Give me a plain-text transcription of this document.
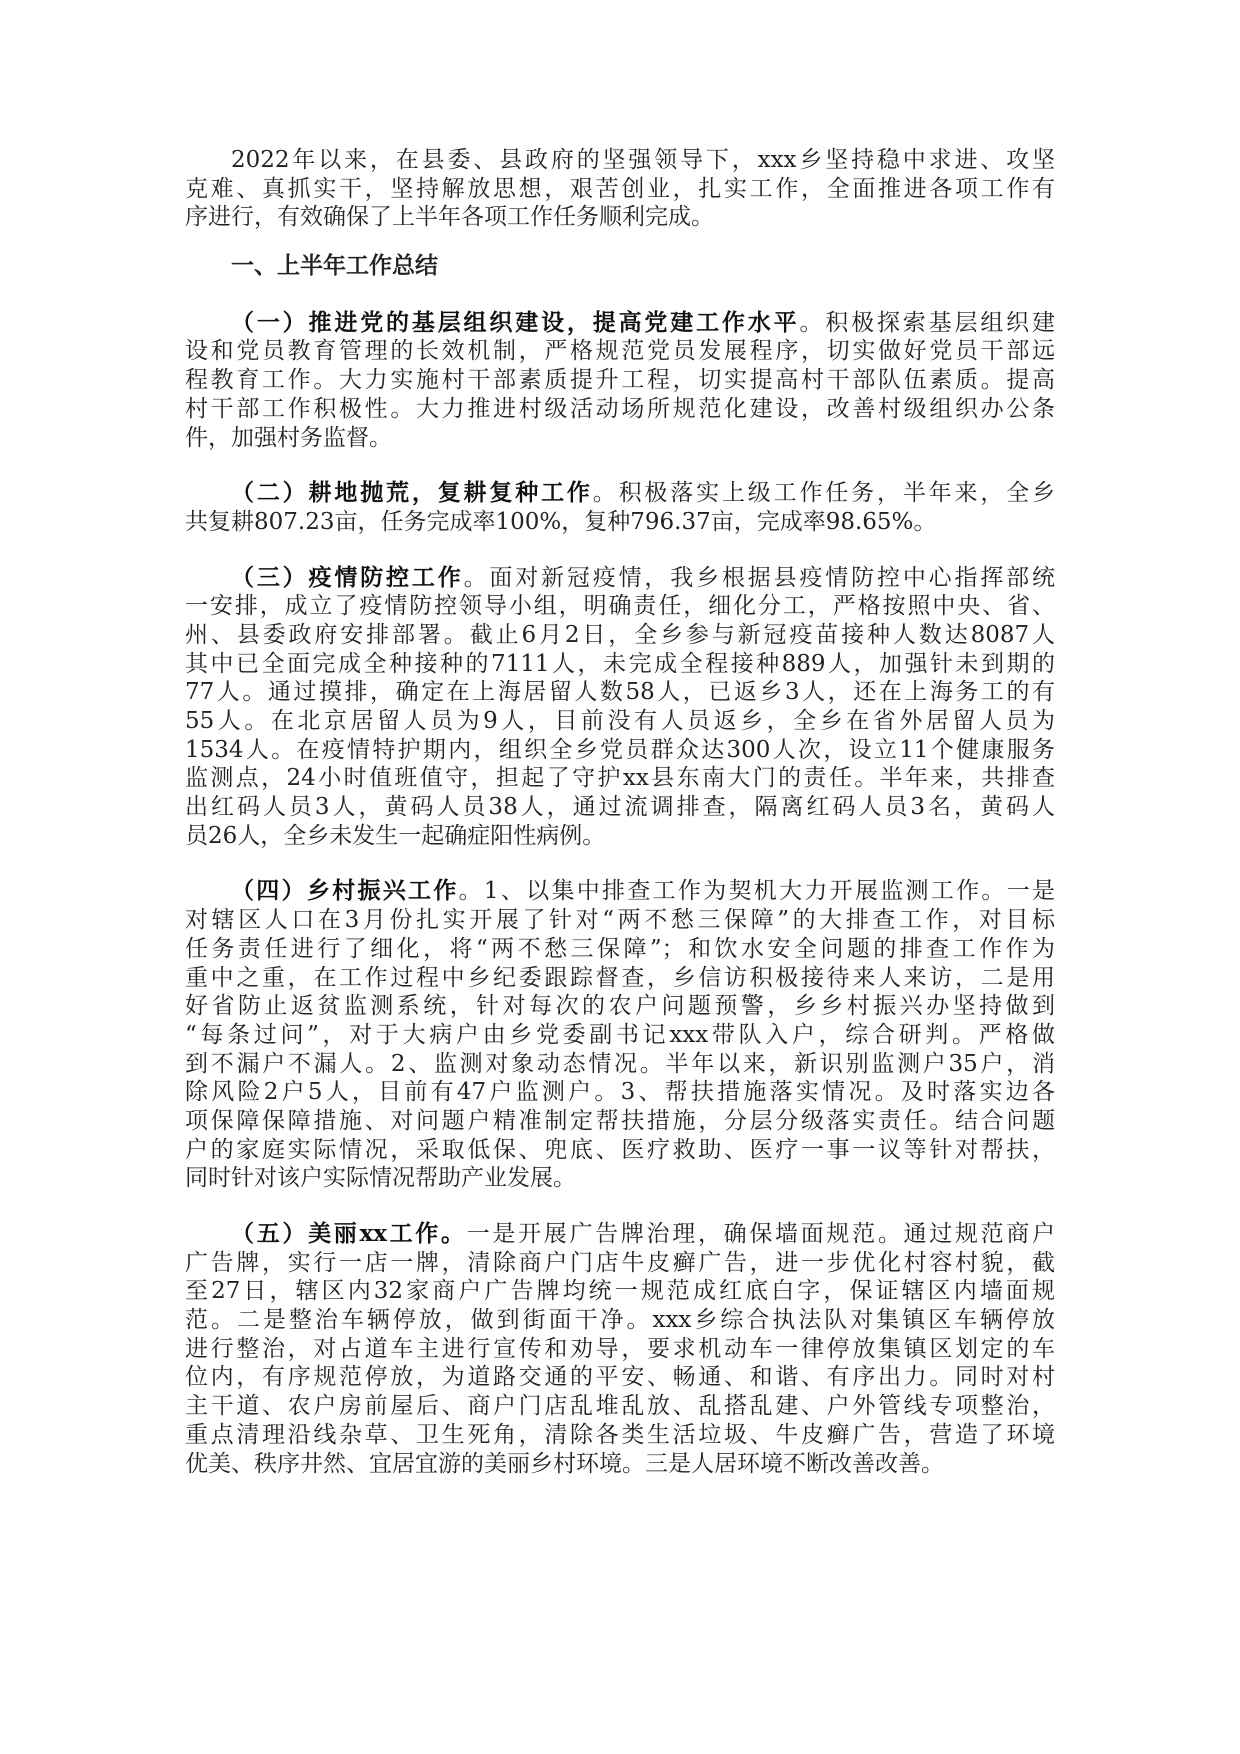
2022年以来，在县委、县政府的坚强领导下，xxx乡坚持稳中求进、攻坚
克难、真抓实干，坚持解放思想，艰苦创业，扎实工作，全面推进各项工作有
序进行，有效确保了上半年各项工作任务顺利完成。
一、上半年工作总结
（一）推进党的基层组织建设，提高党建工作水平。积极探索基层组织建
设和党员教育管理的长效机制，严格规范党员发展程序，切实做好党员干部远
程教育工作。大力实施村干部素质提升工程，切实提高村干部队伍素质。提高
村干部工作积极性。大力推进村级活动场所规范化建设，改善村级组织办公条
件，加强村务监督。
（二）耕地抛荒，复耕复种工作。积极落实上级工作任务，半年来，全乡
共复耕807.23亩，任务完成率100%，复种796.37亩，完成率98.65%。
（三）疫情防控工作。面对新冠疫情，我乡根据县疫情防控中心指挥部统
一安排，成立了疫情防控领导小组，明确责任，细化分工，严格按照中央、省、
州、县委政府安排部署。截止6月2日，全乡参与新冠疫苗接种人数达8087人
其中已全面完成全种接种的7111人，未完成全程接种889人，加强针未到期的
77人。通过摸排，确定在上海居留人数58人，已返乡3人，还在上海务工的有
55人。在北京居留人员为9人，目前没有人员返乡，全乡在省外居留人员为
1534人。在疫情特护期内，组织全乡党员群众达300人次，设立11个健康服务
监测点，24小时值班值守，担起了守护xx县东南大门的责任。半年来，共排查
出红码人员3人，黄码人员38人，通过流调排查，隔离红码人员3名，黄码人
员26人，全乡未发生一起确症阳性病例。
（四）乡村振兴工作。1、以集中排查工作为契机大力开展监测工作。一是
对辖区人口在3月份扎实开展了针对“两不愁三保障”的大排查工作，对目标
任务责任进行了细化，将“两不愁三保障”；和饮水安全问题的排查工作作为
重中之重，在工作过程中乡纪委跟踪督查，乡信访积极接待来人来访，二是用
好省防止返贫监测系统，针对每次的农户问题预警，乡乡村振兴办坚持做到
“每条过问”，对于大病户由乡党委副书记xxx带队入户，综合研判。严格做
到不漏户不漏人。2、监测对象动态情况。半年以来，新识别监测户35户，消
除风险2户5人，目前有47户监测户。3、帮扶措施落实情况。及时落实边各
项保障保障措施、对问题户精准制定帮扶措施，分层分级落实责任。结合问题
户的家庭实际情况，采取低保、兜底、医疗救助、医疗一事一议等针对帮扶，
同时针对该户实际情况帮助产业发展。
（五）美丽xx工作。一是开展广告牌治理，确保墙面规范。通过规范商户
广告牌，实行一店一牌，清除商户门店牛皮癣广告，进一步优化村容村貌，截
至27日，辖区内32家商户广告牌均统一规范成红底白字，保证辖区内墙面规
范。二是整治车辆停放，做到街面干净。xxx乡综合执法队对集镇区车辆停放
进行整治，对占道车主进行宣传和劝导，要求机动车一律停放集镇区划定的车
位内，有序规范停放，为道路交通的平安、畅通、和谐、有序出力。同时对村
主干道、农户房前屋后、商户门店乱堆乱放、乱搭乱建、户外管线专项整治，
重点清理沿线杂草、卫生死角，清除各类生活垃圾、牛皮癣广告，营造了环境
优美、秩序井然、宜居宜游的美丽乡村环境。三是人居环境不断改善改善。
